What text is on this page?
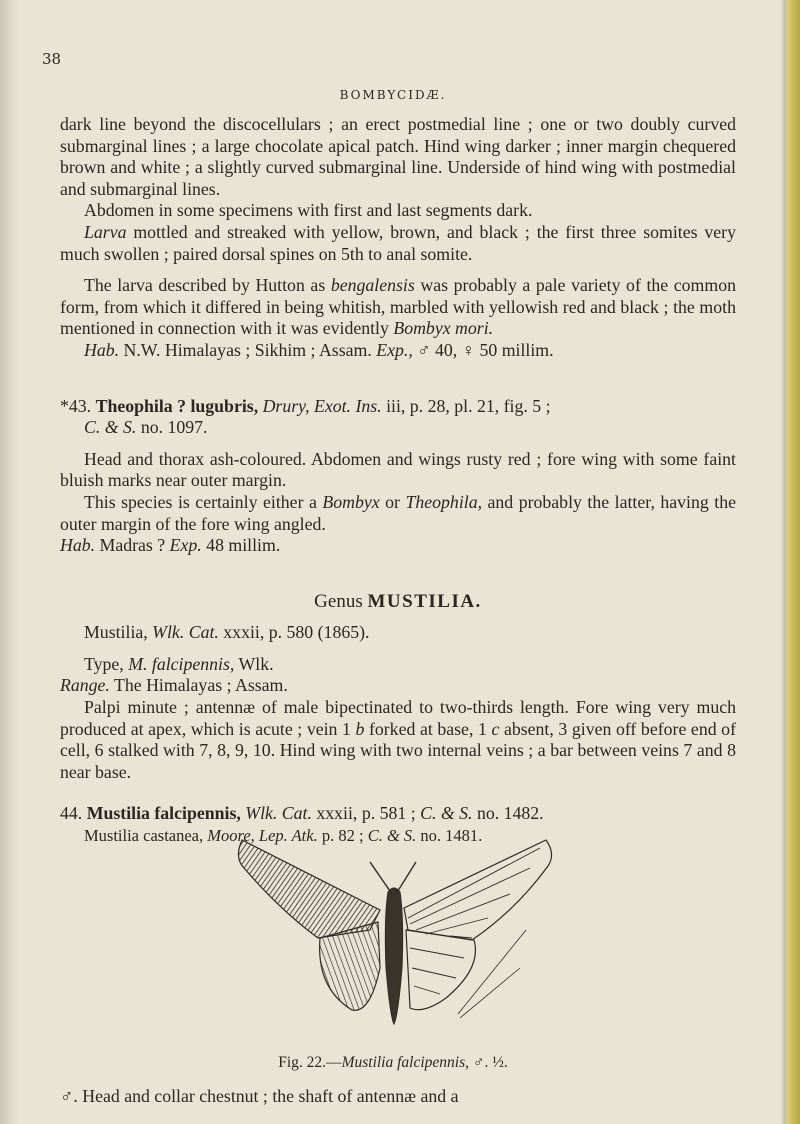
38
BOMBYCIDÆ.

dark line beyond the discocellulars ; an erect postmedial line ; one or two doubly curved submarginal lines ; a large chocolate apical patch. Hind wing darker ; inner margin chequered brown and white ; a slightly curved submarginal line. Underside of hind wing with postmedial and submarginal lines.

Abdomen in some specimens with first and last segments dark.

Larva mottled and streaked with yellow, brown, and black ; the first three somites very much swollen ; paired dorsal spines on 5th to anal somite.

The larva described by Hutton as bengalensis was probably a pale variety of the common form, from which it differed in being whitish, marbled with yellowish red and black ; the moth mentioned in connection with it was evidently Bombyx mori.

Hab. N.W. Himalayas ; Sikhim ; Assam. Exp., ♂ 40, ♀ 50 millim.

*43. Theophila ? lugubris, Drury, Exot. Ins. iii, p. 28, pl. 21, fig. 5 ;
C. & S. no. 1097.

Head and thorax ash-coloured. Abdomen and wings rusty red ; fore wing with some faint bluish marks near outer margin.

This species is certainly either a Bombyx or Theophila, and probably the latter, having the outer margin of the fore wing angled.
Hab. Madras ? Exp. 48 millim.

Genus MUSTILIA.

Mustilia, Wlk. Cat. xxxii, p. 580 (1865).

Type, M. falcipennis, Wlk.
Range. The Himalayas ; Assam.

Palpi minute ; antennæ of male bipectinated to two-thirds length. Fore wing very much produced at apex, which is acute ; vein 1 b forked at base, 1 c absent, 3 given off before end of cell, 6 stalked with 7, 8, 9, 10. Hind wing with two internal veins ; a bar between veins 7 and 8 near base.

44. Mustilia falcipennis, Wlk. Cat. xxxii, p. 581 ; C. & S. no. 1482.

Mustilia castanea, Moore, Lep. Atk. p. 82 ; C. & S. no. 1481.

Fig. 22.—Mustilia falcipennis, ♂. ½.
♂. Head and collar chestnut ; the shaft of antennæ and a
